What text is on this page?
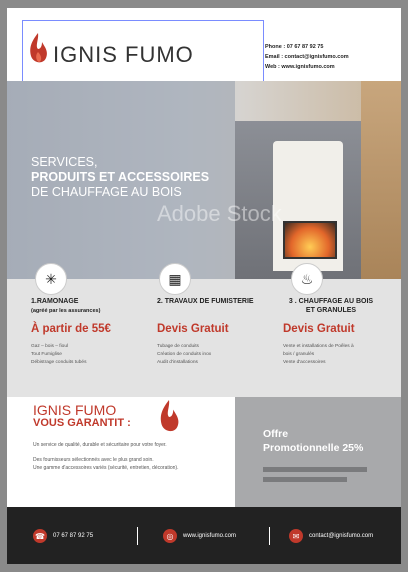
IGNIS FUMO	Phone : 07 67 87 92 75
Email : contact@ignisfumo.com
Web : www.ignisfumo.com
Adobe Stock
SERVICES,
PRODUITS ET ACCESSOIRES
DE CHAUFFAGE AU BOIS
✳
1.RAMONAGE
(agréé par les assurances)
À partir de 55€
Gaz – bois – fioul
Tout Fumiglise
Débistrage conduits tubés
▦
2. TRAVAUX DE FUMISTERIE
Devis Gratuit
Tubage de conduits
Création de conduits inox
Audit d'installations
♨
3 . CHAUFFAGE AU BOIS
ET GRANULES
Devis Gratuit
Vente et installations de Poêles à
bois / granulés
Vente d'accessoires
IGNIS FUMO
VOUS GARANTIT :
Un service de qualité, durable et sécuritaire pour votre foyer.
Des fournisseurs sélectionnés avec le plus grand soin.
Une gamme d'accessoires variés (sécurité, entretien, décoration).
Offre
Promotionnelle 25%
☎	07 67 87 92 75	◎	www.ignisfumo.com	✉	contact@ignisfumo.com
